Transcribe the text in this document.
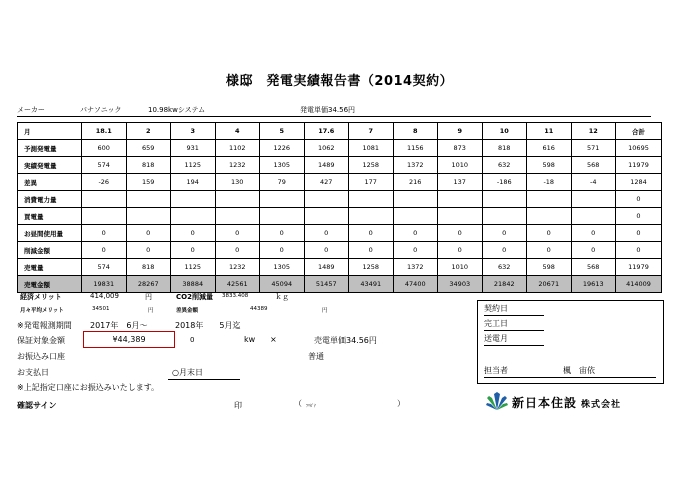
様邸　発電実績報告書（2014契約）
メーカー	パナソニック	10.98kwシステム	発電単価34.56円
月	18.1	2	3	4	5	17.6	7	8	9	10	11	12	合計
予測発電量	600	659	931	1102	1226	1062	1081	1156	873	818	616	571	10695
実績発電量	574	818	1125	1232	1305	1489	1258	1372	1010	632	598	568	11979
差異	-26	159	194	130	79	427	177	216	137	-186	-18	-4	1284
消費電力量													0
買電量													0
お昼間使用量	0	0	0	0	0	0	0	0	0	0	0	0	0
削減金額	0	0	0	0	0	0	0	0	0	0	0	0	0
売電量	574	818	1125	1232	1305	1489	1258	1372	1010	632	598	568	11979
売電金額	19831	28267	38884	42561	45094	51457	43491	47400	34903	21842	20671	19613	414009
経済メリット	414,009	円	CO2削減量 3833.408	ｋｇ
月々平均メリット	34501	円	差異金額	44389	円
※発電報測期間 2017年　6月～	2018年　　5月迄
保証対象金額	¥44,389	0	kw ×	売電単価34.56円
お振込み口座	普通
お支払日	○月末日
※上記指定口座にお振込みいたします。
確認サイン	印	（ ﾌﾘｶﾞﾅ	）
契約日
完工日
送電月
担当者	楓　宙依
新日本住設 株式会社
